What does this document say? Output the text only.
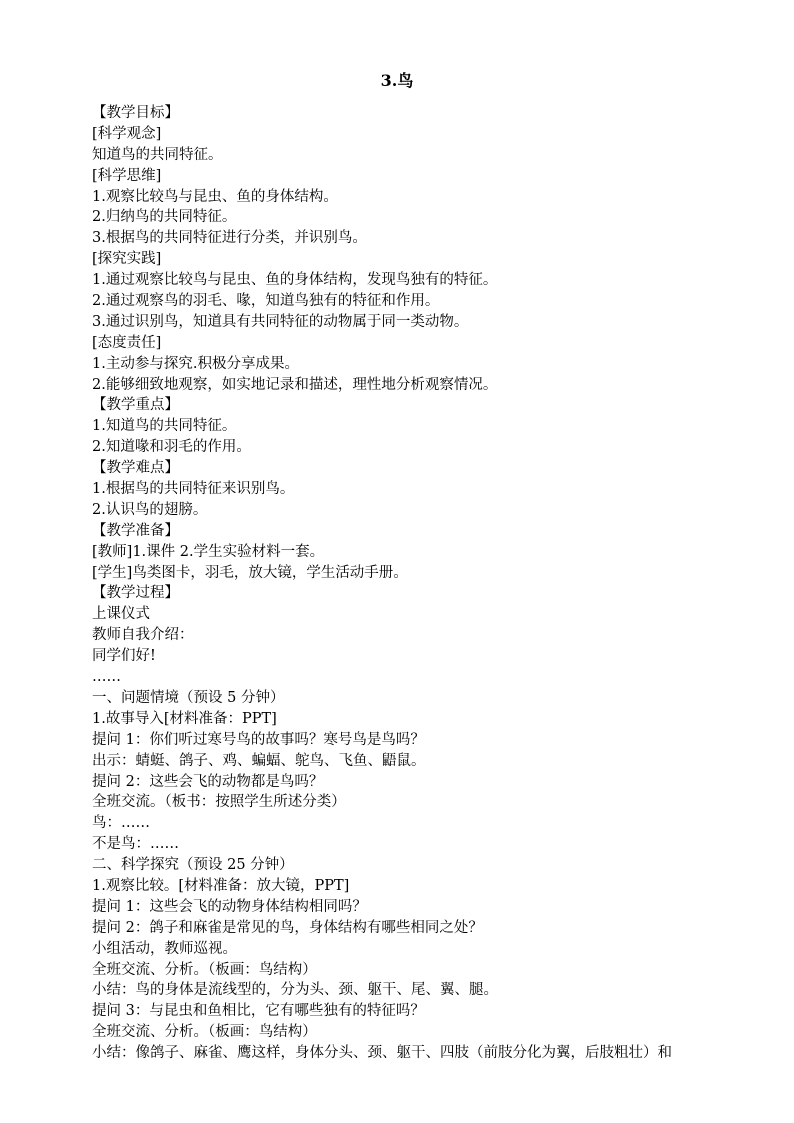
3.鸟
【教学目标】
[科学观念]
知道鸟的共同特征。
[科学思维]
1.观察比较鸟与昆虫、鱼的身体结构。
2.归纳鸟的共同特征。
3.根据鸟的共同特征进行分类，并识别鸟。
[探究实践]
1.通过观察比较鸟与昆虫、鱼的身体结构，发现鸟独有的特征。
2.通过观察鸟的羽毛、喙，知道鸟独有的特征和作用。
3.通过识别鸟，知道具有共同特征的动物属于同一类动物。
[态度责任]
1.主动参与探究.积极分享成果。
2.能够细致地观察，如实地记录和描述，理性地分析观察情况。
【教学重点】
1.知道鸟的共同特征。
2.知道喙和羽毛的作用。
【教学难点】
1.根据鸟的共同特征来识别鸟。
2.认识鸟的翅膀。
【教学准备】
[教师]1.课件 2.学生实验材料一套。
[学生]鸟类图卡，羽毛，放大镜，学生活动手册。
【教学过程】
上课仪式
教师自我介绍：
同学们好!
……
一、问题情境（预设 5 分钟）
1.故事导入[材料准备：PPT]
提问 1：你们听过寒号鸟的故事吗？寒号鸟是鸟吗？
出示：蜻蜓、鸽子、鸡、蝙蝠、鸵鸟、飞鱼、鼯鼠。
提问 2：这些会飞的动物都是鸟吗？
全班交流。（板书：按照学生所述分类）
鸟：……
不是鸟：……
二、科学探究（预设 25 分钟）
1.观察比较。[材料准备：放大镜，PPT]
提问 1：这些会飞的动物身体结构相同吗？
提问 2：鸽子和麻雀是常见的鸟，身体结构有哪些相同之处？
小组活动，教师巡视。
全班交流、分析。（板画：鸟结构）
小结：鸟的身体是流线型的，分为头、颈、躯干、尾、翼、腿。
提问 3：与昆虫和鱼相比，它有哪些独有的特征吗？
全班交流、分析。（板画：鸟结构）
小结：像鸽子、麻雀、鹰这样，身体分头、颈、躯干、四肢（前肢分化为翼，后肢粗壮）和
